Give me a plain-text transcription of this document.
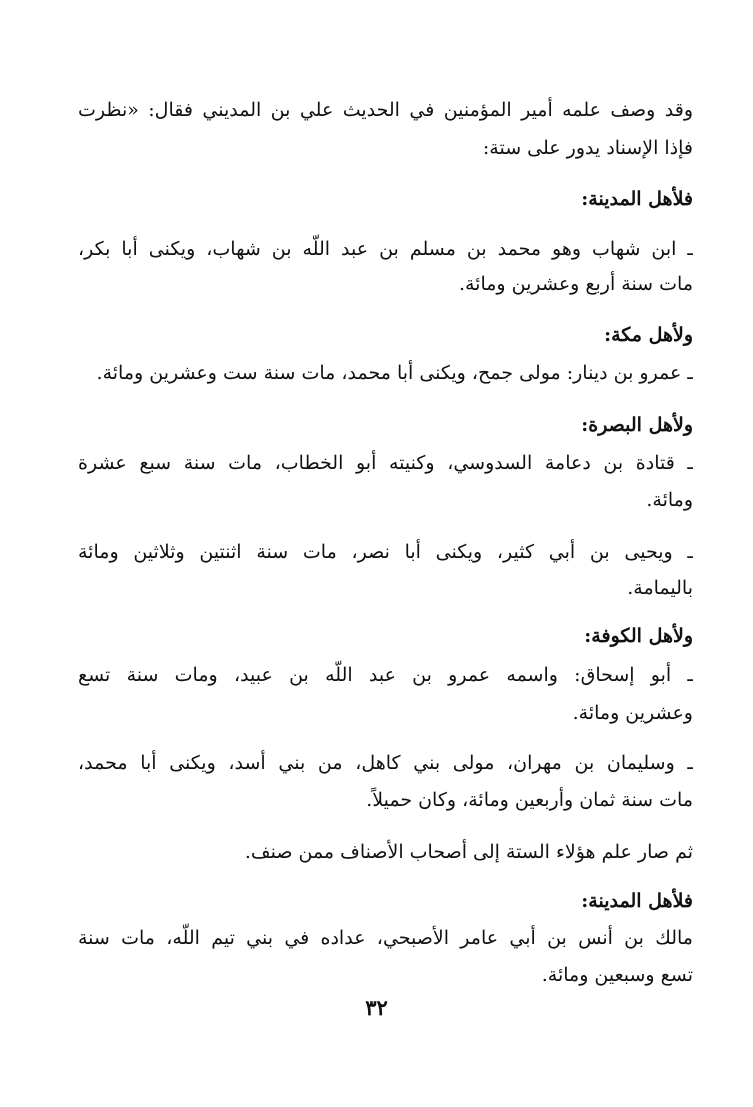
وقد وصف علمه أمير المؤمنين في الحديث علي بن المديني فقال: «نظرت
فإذا الإسناد يدور على ستة:
فلأهل المدينة:
ـ ابن شهاب وهو محمد بن مسلم بن عبد اللّه بن شهاب، ويكنى أبا بكر،
مات سنة أربع وعشرين ومائة.
ولأهل مكة:
ـ عمرو بن دينار: مولى جمح، ويكنى أبا محمد، مات سنة ست وعشرين ومائة.
ولأهل البصرة:
ـ قتادة بن دعامة السدوسي، وكنيته أبو الخطاب، مات سنة سبع عشرة
ومائة.
ـ ويحيى بن أبي كثير، ويكنى أبا نصر، مات سنة اثنتين وثلاثين ومائة
باليمامة.
ولأهل الكوفة:
ـ أبو إسحاق: واسمه عمرو بن عبد اللّه بن عبيد، ومات سنة تسع
وعشرين ومائة.
ـ وسليمان بن مهران، مولى بني كاهل، من بني أسد، ويكنى أبا محمد،
مات سنة ثمان وأربعين ومائة، وكان حميلاً.
ثم صار علم هؤلاء الستة إلى أصحاب الأصناف ممن صنف.
فلأهل المدينة:
مالك بن أنس بن أبي عامر الأصبحي، عداده في بني تيم اللّه، مات سنة
تسع وسبعين ومائة.
٣٢
